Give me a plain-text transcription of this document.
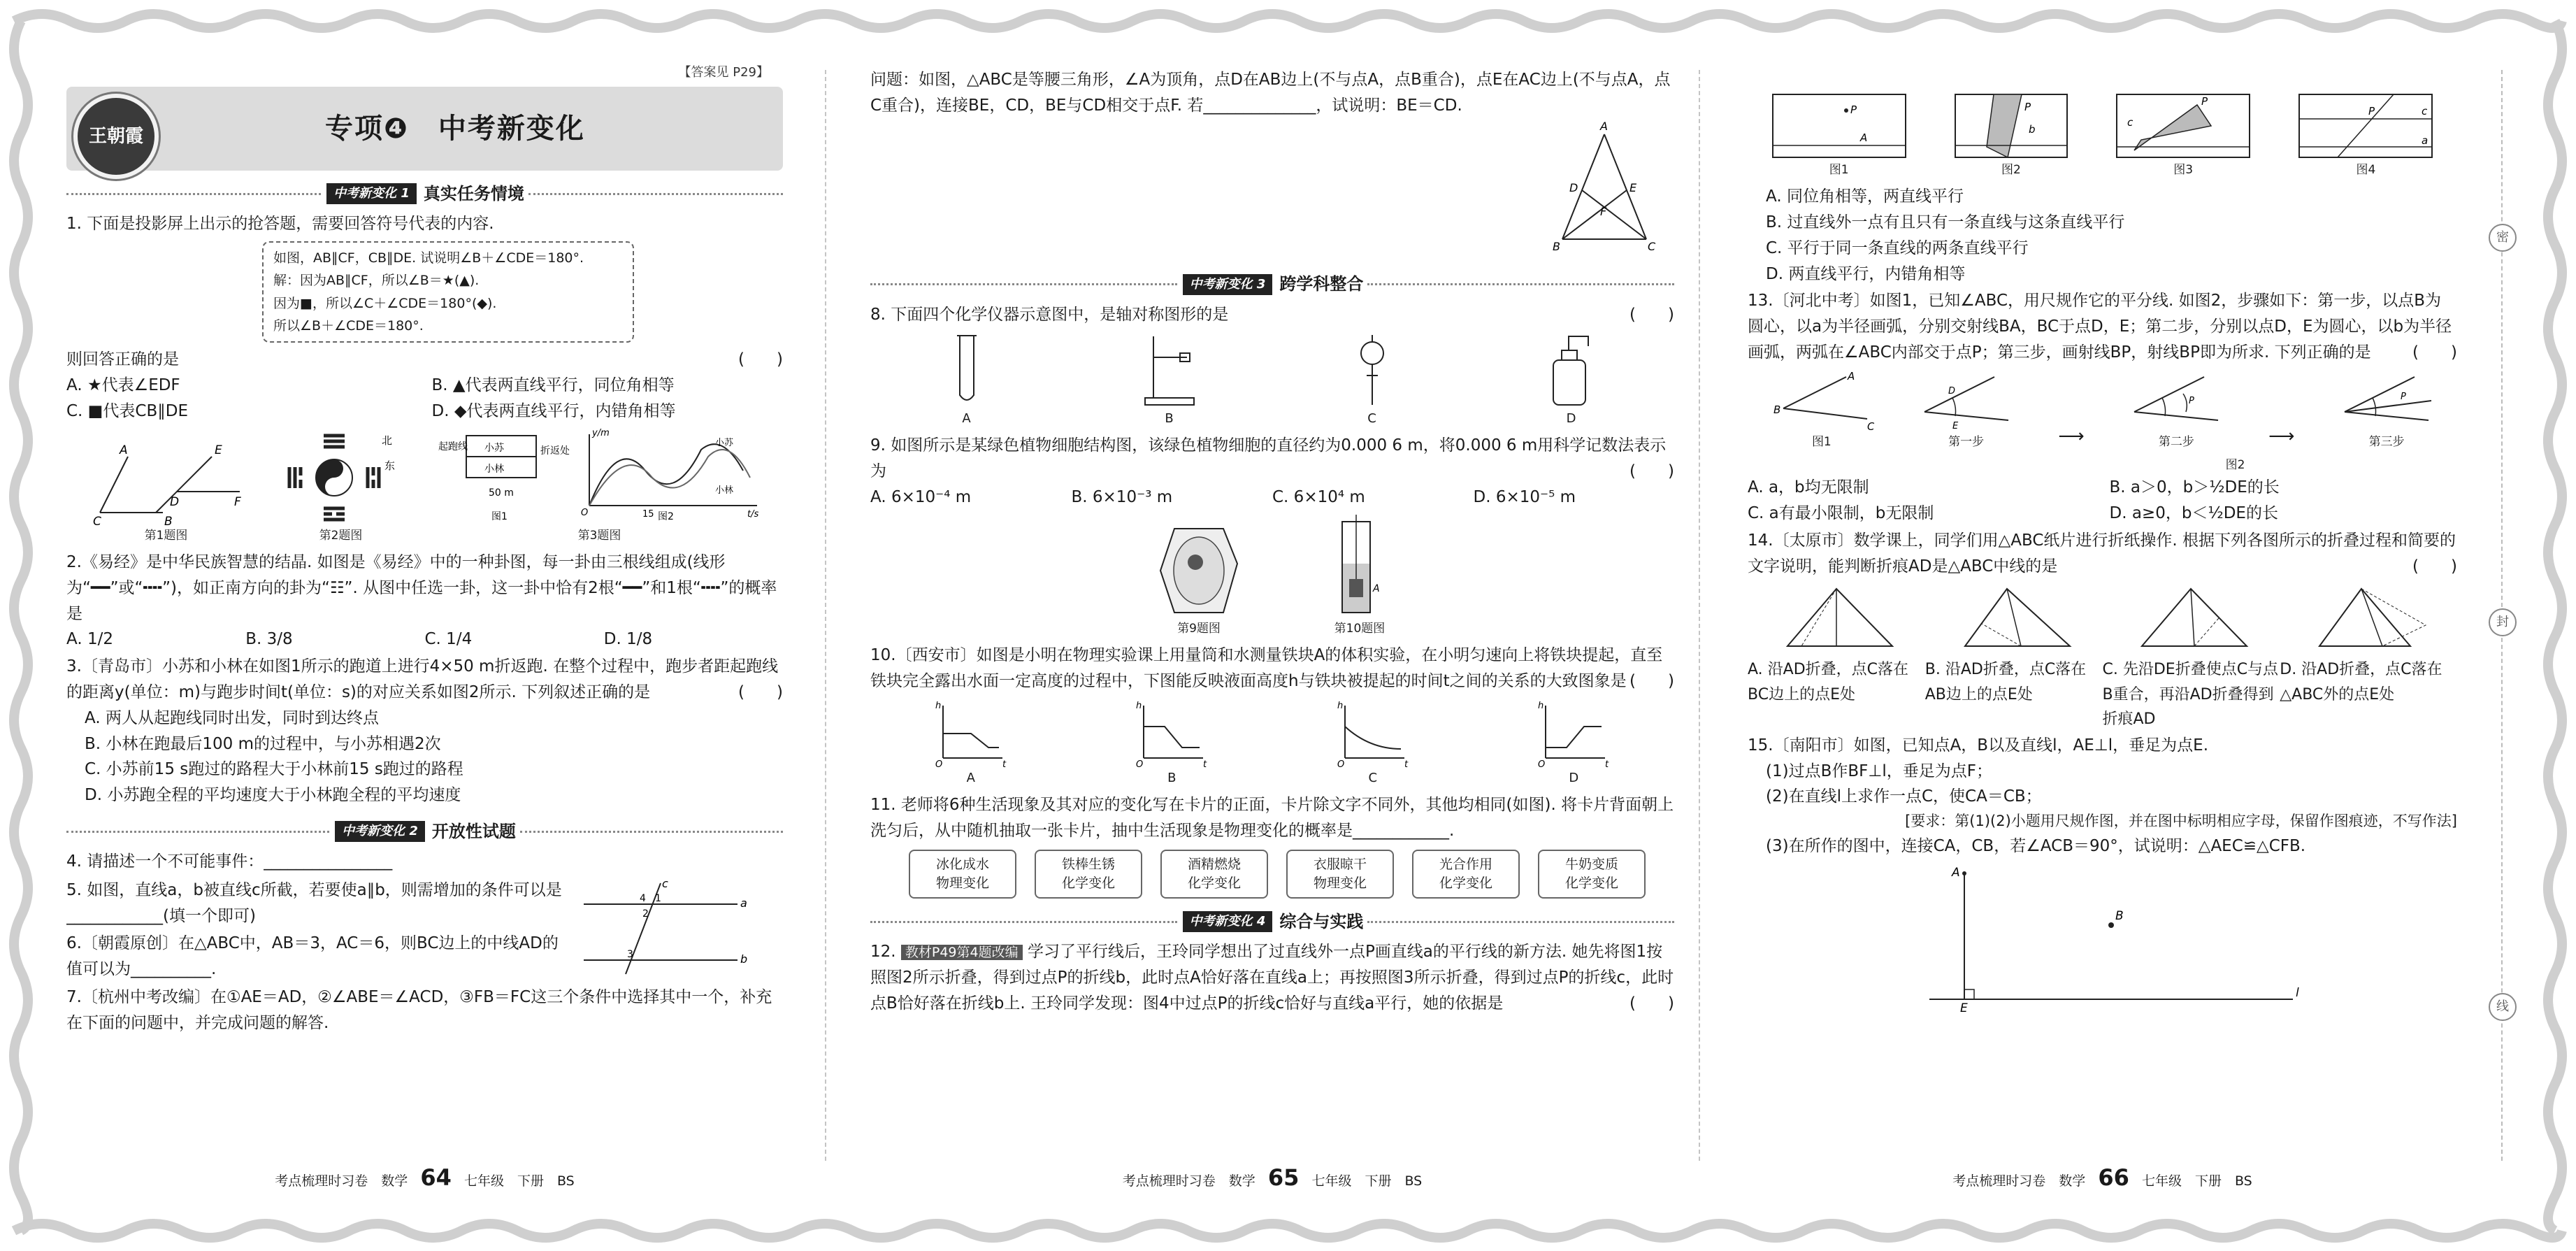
密
封
线
【答案见 P29】
王朝霞	专项❹　中考新变化
中考新变化 1 真实任务情境
1. 下面是投影屏上出示的抢答题，需要回答符号代表的内容.
如图，AB∥CF，CB∥DE. 试说明∠B＋∠CDE＝180°.
解：因为AB∥CF，所以∠B＝★(▲).
因为■，所以∠C＋∠CDE＝180°(◆).
所以∠B＋∠CDE＝180°.
则回答正确的是	(　　)
A. ★代表∠EDF	B. ▲代表两直线平行，同位角相等
C. ■代表CB∥DE	D. ◆代表两直线平行，内错角相等
A
B
C
D
E
F
第1题图
北
东
第2题图
起跑线 小苏
小林
折返处
50 m
图1	图2
y/m
t/s
15
O
小苏
小林
第3题图
2.《易经》是中华民族智慧的结晶. 如图是《易经》中的一种卦图，每一卦由三根线组成(线形为“━━”或“╍╍”)，如正南方向的卦为“☷”. 从图中任选一卦，这一卦中恰有2根“━━”和1根“╍╍”的概率是
A. 1/2	B. 3/8	C. 1/4	D. 1/8
3.〔青岛市〕小苏和小林在如图1所示的跑道上进行4×50 m折返跑. 在整个过程中，跑步者距起跑线的距离y(单位：m)与跑步时间t(单位：s)的对应关系如图2所示. 下列叙述正确的是	(　　)
A. 两人从起跑线同时出发，同时到达终点
B. 小林在跑最后100 m的过程中，与小苏相遇2次
C. 小苏前15 s跑过的路程大于小林前15 s跑过的路程
D. 小苏跑全程的平均速度大于小林跑全程的平均速度
中考新变化 2 开放性试题
4. 请描述一个不可能事件：________________
5. 如图，直线a，b被直线c所截，若要使a∥b，则需增加的条件可以是____________(填一个即可)
6.〔朝霞原创〕在△ABC中，AB＝3，AC＝6，则BC边上的中线AD的值可以为__________.
c
a
b
1
2
4
3
7.〔杭州中考改编〕在①AE＝AD，②∠ABE＝∠ACD，③FB＝FC这三个条件中选择其中一个，补充在下面的问题中，并完成问题的解答.
考点梳理时习卷　数学 64 七年级　下册　BS
问题：如图，△ABC是等腰三角形，∠A为顶角，点D在AB边上(不与点A，点B重合)，点E在AC边上(不与点A，点C重合)，连接BE，CD，BE与CD相交于点F. 若______________，试说明：BE＝CD.
A
D	E
F
B	C
中考新变化 3 跨学科整合
8. 下面四个化学仪器示意图中，是轴对称图形的是	(　　)
A	B	C	D
9. 如图所示是某绿色植物细胞结构图，该绿色植物细胞的直径约为0.000 6 m，将0.000 6 m用科学记数法表示为	(　　)
A. 6×10⁻⁴ m	B. 6×10⁻³ m	C. 6×10⁴ m	D. 6×10⁻⁵ m
第9题图
A
第10题图
10.〔西安市〕如图是小明在物理实验课上用量筒和水测量铁块A的体积实验，在小明匀速向上将铁块提起，直至铁块完全露出水面一定高度的过程中，下图能反映液面高度h与铁块被提起的时间t之间的关系的大致图象是 (　　)
h
t
O
A
h
t
O
B
h
t
O
C
h
t
O
D
11. 老师将6种生活现象及其对应的变化写在卡片的正面，卡片除文字不同外，其他均相同(如图). 将卡片背面朝上洗匀后，从中随机抽取一张卡片，抽中生活现象是物理变化的概率是____________.
冰化成水
物理变化
铁棒生锈
化学变化
酒精燃烧
化学变化
衣服晾干
物理变化
光合作用
化学变化
牛奶变质
化学变化
中考新变化 4 综合与实践
12. 教材P49第4题改编 学习了平行线后，王玲同学想出了过直线外一点P画直线a的平行线的新方法. 她先将图1按照图2所示折叠，得到过点P的折线b，此时点A恰好落在直线a上；再按照图3所示折叠，得到过点P的折线c，此时点B恰好落在折线b上. 王玲同学发现：图4中过点P的折线c恰好与直线a平行，她的依据是	(　　)
考点梳理时习卷　数学 65 七年级　下册　BS
P
A
图1
P
b
图2
P
c
图3
P	c
a
图4
A. 同位角相等，两直线平行
B. 过直线外一点有且只有一条直线与这条直线平行
C. 平行于同一条直线的两条直线平行
D. 两直线平行，内错角相等
13.〔河北中考〕如图1，已知∠ABC，用尺规作它的平分线. 如图2，步骤如下：第一步，以点B为圆心，以a为半径画弧，分别交射线BA，BC于点D，E；第二步，分别以点D，E为圆心，以b为半径画弧，两弧在∠ABC内部交于点P；第三步，画射线BP，射线BP即为所求. 下列正确的是	(　　)
A
B
C
图1
D
E
第一步	⟶
P
第二步	⟶
P
第三步
图2
A. a，b均无限制	B. a＞0，b＞½DE的长
C. a有最小限制，b无限制	D. a≥0，b＜½DE的长
14.〔太原市〕数学课上，同学们用△ABC纸片进行折纸操作. 根据下列各图所示的折叠过程和简要的文字说明，能判断折痕AD是△ABC中线的是	(　　)
A. 沿AD折叠，点C落在BC边上的点E处
B. 沿AD折叠，点C落在AB边上的点E处
C. 先沿DE折叠使点C与点B重合，再沿AD折叠得到折痕AD
D. 沿AD折叠，点C落在△ABC外的点E处
15.〔南阳市〕如图，已知点A，B以及直线l，AE⊥l，垂足为点E.
(1)过点B作BF⊥l，垂足为点F；
(2)在直线l上求作一点C，使CA＝CB；
[要求：第(1)(2)小题用尺规作图，并在图中标明相应字母，保留作图痕迹，不写作法]
(3)在所作的图中，连接CA，CB，若∠ACB＝90°，试说明：△AEC≌△CFB.
A
B
E
l
考点梳理时习卷　数学 66 七年级　下册　BS
